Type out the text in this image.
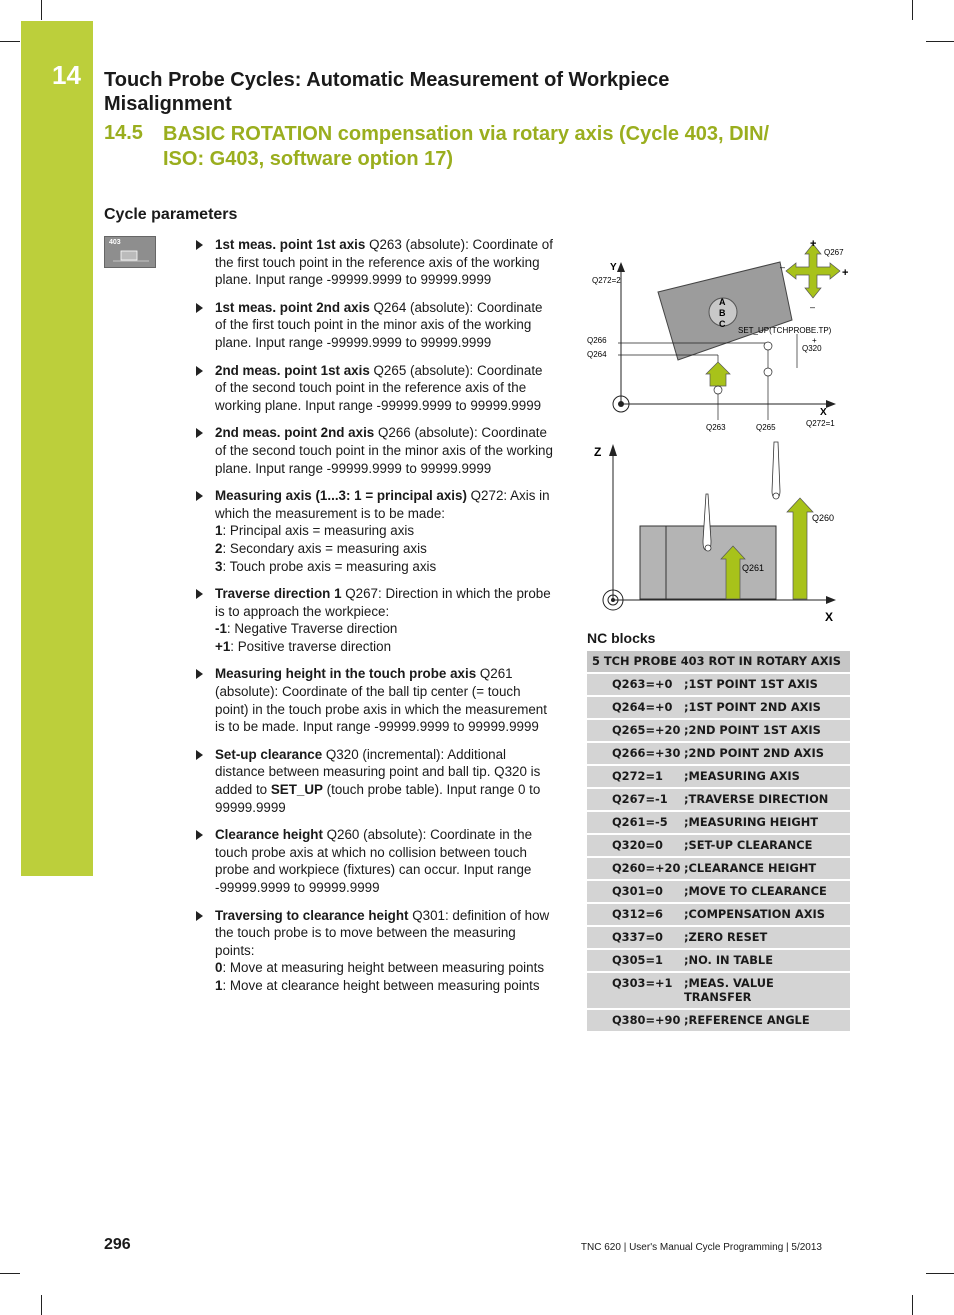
14 Touch Probe Cycles: Automatic Measurement of Workpiece Misalignment
14.5 BASIC ROTATION compensation via rotary axis (Cycle 403, DIN/ ISO: G403, software option 17)
Cycle parameters
403	1st meas. point 1st axis Q263 (absolute): Coordinate of the first touch point in the reference axis of the working plane. Input range -99999.9999 to 99999.9999
1st meas. point 2nd axis Q264 (absolute): Coordinate of the first touch point in the minor axis of the working plane. Input range -99999.9999 to 99999.9999
2nd meas. point 1st axis Q265 (absolute): Coordinate of the second touch point in the reference axis of the working plane. Input range -99999.9999 to 99999.9999
2nd meas. point 2nd axis Q266 (absolute): Coordinate of the second touch point in the minor axis of the working plane. Input range -99999.9999 to 99999.9999
Measuring axis (1...3: 1 = principal axis) Q272: Axis in which the measurement is to be made:
1: Principal axis = measuring axis
2: Secondary axis = measuring axis
3: Touch probe axis = measuring axis
Traverse direction 1 Q267: Direction in which the probe is to approach the workpiece:
-1: Negative Traverse direction
+1: Positive traverse direction
Measuring height in the touch probe axis Q261 (absolute): Coordinate of the ball tip center (= touch point) in the touch probe axis in which the measurement is to be made. Input range -99999.9999 to 99999.9999
Set-up clearance Q320 (incremental): Additional distance between measuring point and ball tip. Q320 is added to SET_UP (touch probe table). Input range 0 to 99999.9999
Clearance height Q260 (absolute): Coordinate in the touch probe axis at which no collision between touch probe and workpiece (fixtures) can occur. Input range -99999.9999 to 99999.9999
Traversing to clearance height Q301: definition of how the touch probe is to move between the measuring points:
0: Move at measuring height between measuring points
1: Move at clearance height between measuring points
Y
Q272=2
X
Q272=1
A
B
C
Q266
Q264
Q263	Q265
SET_UP(TCHPROBE.TP)
+
Q320
+
+
–
–
Q267
Z
X
Q261
Q260
NC blocks
5 TCH PROBE 403 ROT IN ROTARY AXIS	
Q263=+0	;1ST POINT 1ST AXIS
Q264=+0	;1ST POINT 2ND AXIS
Q265=+20	;2ND POINT 1ST AXIS
Q266=+30	;2ND POINT 2ND AXIS
Q272=1	;MEASURING AXIS
Q267=-1	;TRAVERSE DIRECTION
Q261=-5	;MEASURING HEIGHT
Q320=0	;SET-UP CLEARANCE
Q260=+20	;CLEARANCE HEIGHT
Q301=0	;MOVE TO CLEARANCE
Q312=6	;COMPENSATION AXIS
Q337=0	;ZERO RESET
Q305=1	;NO. IN TABLE
Q303=+1	;MEAS. VALUE TRANSFER
Q380=+90	;REFERENCE ANGLE
296	TNC 620 | User's Manual Cycle Programming | 5/2013
